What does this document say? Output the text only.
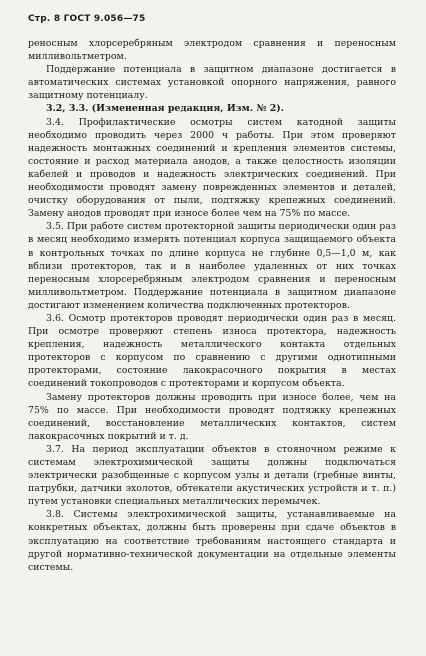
Стр. 8 ГОСТ 9.056—75

реносным хлорсеребряным электродом сравнения и переносным милливольтметром.

Поддержание потенциала в защитном диапазоне достигается в автоматических системах установкой опорного напряжения, равного защитному потенциалу.

3.2, 3.3. (Измененная редакция, Изм. № 2).

3.4. Профилактические осмотры систем катодной защиты необходимо проводить через 2000 ч работы. При этом проверяют надежность монтажных соединений и крепления элементов системы, состояние и расход материала анодов, а также целостность изоляции кабелей и проводов и надежность электрических соединений. При необходимости проводят замену поврежденных элементов и деталей, очистку оборудования от пыли, подтяжку крепежных соединений. Замену анодов проводят при износе более чем на 75% по массе.

3.5. При работе систем протекторной защиты периодически один раз в месяц необходимо измерять потенциал корпуса защищаемого объекта в контрольных точках по длине корпуса не глубине 0,5—1,0 м, как вблизи протекторов, так и в наиболее удаленных от них точках переносным хлорсеребряным электродом сравнения и переносным милливольтметром. Поддержание потенциала в защитном диапазоне достигают изменением количества подключенных протекторов.

3.6. Осмотр протекторов проводят периодически один раз в месяц. При осмотре проверяют степень износа протектора, надежность крепления, надежность металлического контакта отдельных протекторов с корпусом по сравнению с другими однотипными протекторами, состояние лакокрасочного покрытия в местах соединений токопроводов с протекторами и корпусом объекта.

Замену протекторов должны проводить при износе более, чем на 75% по массе. При необходимости проводят подтяжку крепежных соединений, восстановление металлических контактов, систем лакокрасочных покрытий и т. д.

3.7. На период эксплуатации объектов в стояночном режиме к системам электрохимической защиты должны подключаться электрически разобщенные с корпусом узлы и детали (гребные винты, патрубки, датчики эхолотов, обтекатели акустических устройств и т. п.) путем установки специальных металлических перемычек.

3.8. Системы электрохимической защиты, устанавливаемые на конкретных объектах, должны быть проверены при сдаче объектов в эксплуатацию на соответствие требованиям настоящего стандарта и другой нормативно-технической документации на отдельные элементы системы.
